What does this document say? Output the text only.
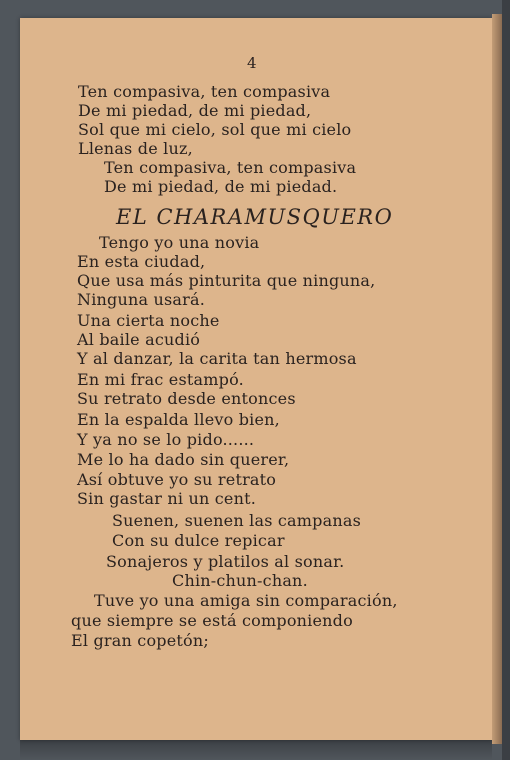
4
Ten compasiva, ten compasiva
De mi piedad, de mi piedad,
Sol que mi cielo, sol que mi cielo
Llenas de luz,
Ten compasiva, ten compasiva
De mi piedad, de mi piedad.
EL CHARAMUSQUERO
Tengo yo una novia
En esta ciudad,
Que usa más pinturita que ninguna,
Ninguna usará.
Una cierta noche
Al baile acudió
Y al danzar, la carita tan hermosa
En mi frac estampó.
Su retrato desde entonces
En la espalda llevo bien,
Y ya no se lo pido......
Me lo ha dado sin querer,
Así obtuve yo su retrato
Sin gastar ni un cent.
Suenen, suenen las campanas
Con su dulce repicar
Sonajeros y platilos al sonar.
Chin-chun-chan.
Tuve yo una amiga sin comparación,
que siempre se está componiendo
El gran copetón;
